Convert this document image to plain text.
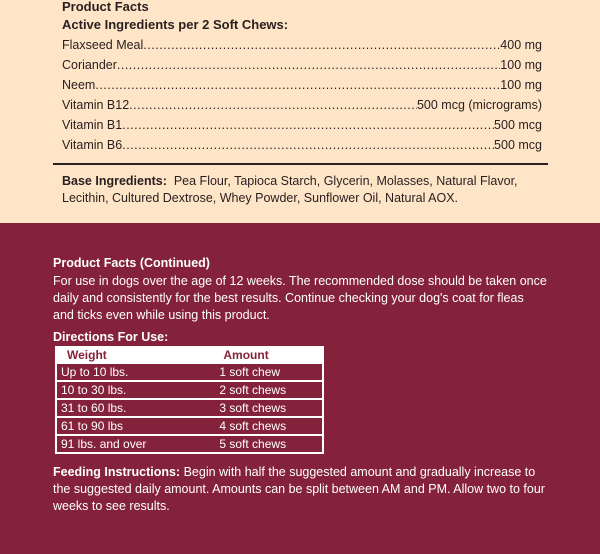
Product Facts
Active Ingredients per 2 Soft Chews:
Flaxseed Meal .....	400 mg
Coriander .....	100 mg
Neem .....	100 mg
Vitamin B12 .....	500 mcg (micrograms)
Vitamin B1 .....	500 mcg
Vitamin B6 .....	500 mcg
Base Ingredients: Pea Flour, Tapioca Starch, Glycerin, Molasses, Natural Flavor, Lecithin, Cultured Dextrose, Whey Powder, Sunflower Oil, Natural AOX.
Product Facts (Continued)
For use in dogs over the age of 12 weeks. The recommended dose should be taken once daily and consistently for the best results. Continue checking your dog's coat for fleas and ticks even while using this product.
Directions For Use:
Weight	Amount
Up to 10 lbs.	1 soft chew
10 to 30 lbs.	2 soft chews
31 to 60 lbs.	3 soft chews
61 to 90 lbs	4 soft chews
91 lbs. and over	5 soft chews
Feeding Instructions: Begin with half the suggested amount and gradually increase to the suggested daily amount. Amounts can be split between AM and PM. Allow two to four weeks to see results.
